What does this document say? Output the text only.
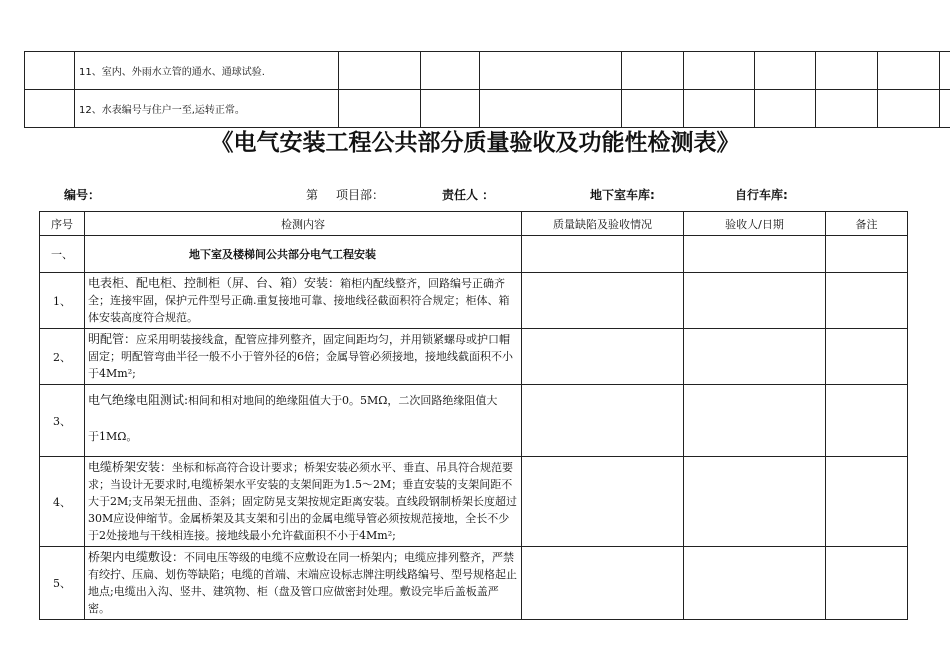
	11、室内、外雨水立管的通水、通球试验.									
	12、水表编号与住户一至,运转正常。									
《电气安装工程公共部分质量验收及功能性检测表》
编号：	第 项目部：	责任人 ：	地下室车库:	自行车库:
序号	检测内容	质量缺陷及验收情况	验收人/日期	备注
一、	地下室及楼梯间公共部分电气工程安装			
1、	电表柜、配电柜、控制柜（屏、台、箱）安装：箱柜内配线整齐，回路编号正确齐全；连接牢固，保护元件型号正确.重复接地可靠、接地线径截面积符合规定；柜体、箱体安装高度符合规范。			
2、	明配管：应采用明装接线盒，配管应排列整齐，固定间距均匀，并用锁紧螺母或护口帽固定；明配管弯曲半径一般不小于管外径的6倍；金属导管必须接地，接地线截面积不小于4Mm²;			
3、	电气绝缘电阻测试:相间和相对地间的绝缘阻值大于0。5MΩ，二次回路绝缘阻值大

于1MΩ。			
4、	电缆桥架安装：坐标和标高符合设计要求；桥架安装必须水平、垂直、吊具符合规范要求；当设计无要求时,电缆桥架水平安装的支架间距为1.5～2M；垂直安装的支架间距不大于2M;支吊架无扭曲、歪斜；固定防晃支架按规定距离安装。直线段钢制桥架长度超过30M应设伸缩节。金属桥架及其支架和引出的金属电缆导管必须按规范接地，全长不少于2处接地与干线相连接。接地线最小允许截面积不小于4Mm²;			
5、	桥架内电缆敷设：不同电压等级的电缆不应敷设在同一桥架内；电缆应排列整齐，严禁有绞拧、压扁、划伤等缺陷；电缆的首端、末端应设标志牌注明线路编号、型号规格起止地点;电缆出入沟、竖井、建筑物、柜（盘及管口应做密封处理。敷设完毕后盖板盖严密。			
